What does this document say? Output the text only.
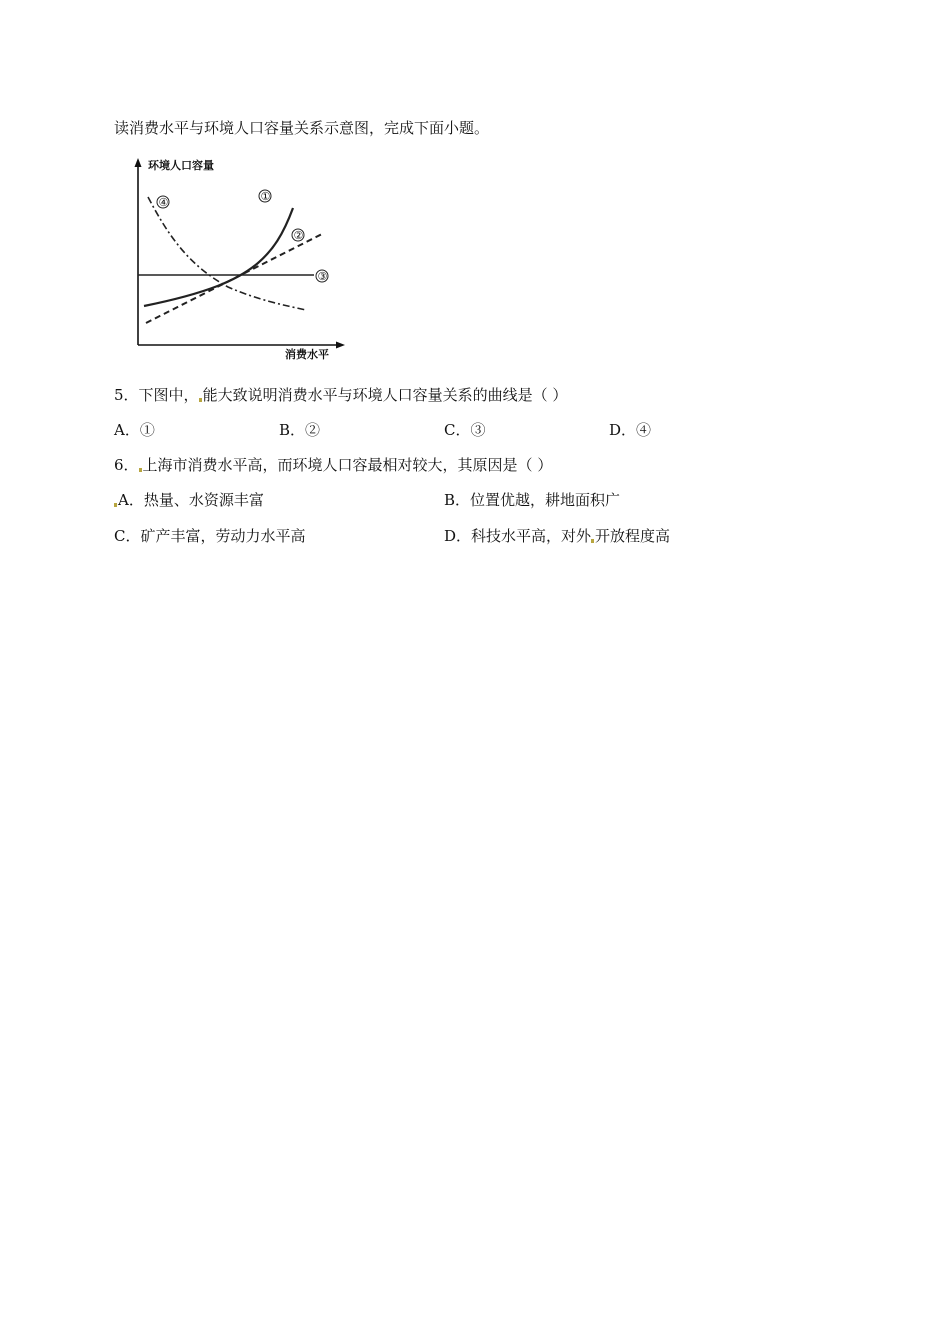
读消费水平与环境人口容量关系示意图，完成下面小题。
环境人口容量
消费水平
①
②
③
④
5．下图中， 能大致说明消费水平与环境人口容量关系的曲线是（ ）
A．①	B．②	C．③	D．④
6． 上海市消费水平高，而环境人口容最相对较大，其原因是（ ）
A．热量、水资源丰富	B．位置优越，耕地面积广
C．矿产丰富，劳动力水平高	D．科技水平高，对外 开放程度高
